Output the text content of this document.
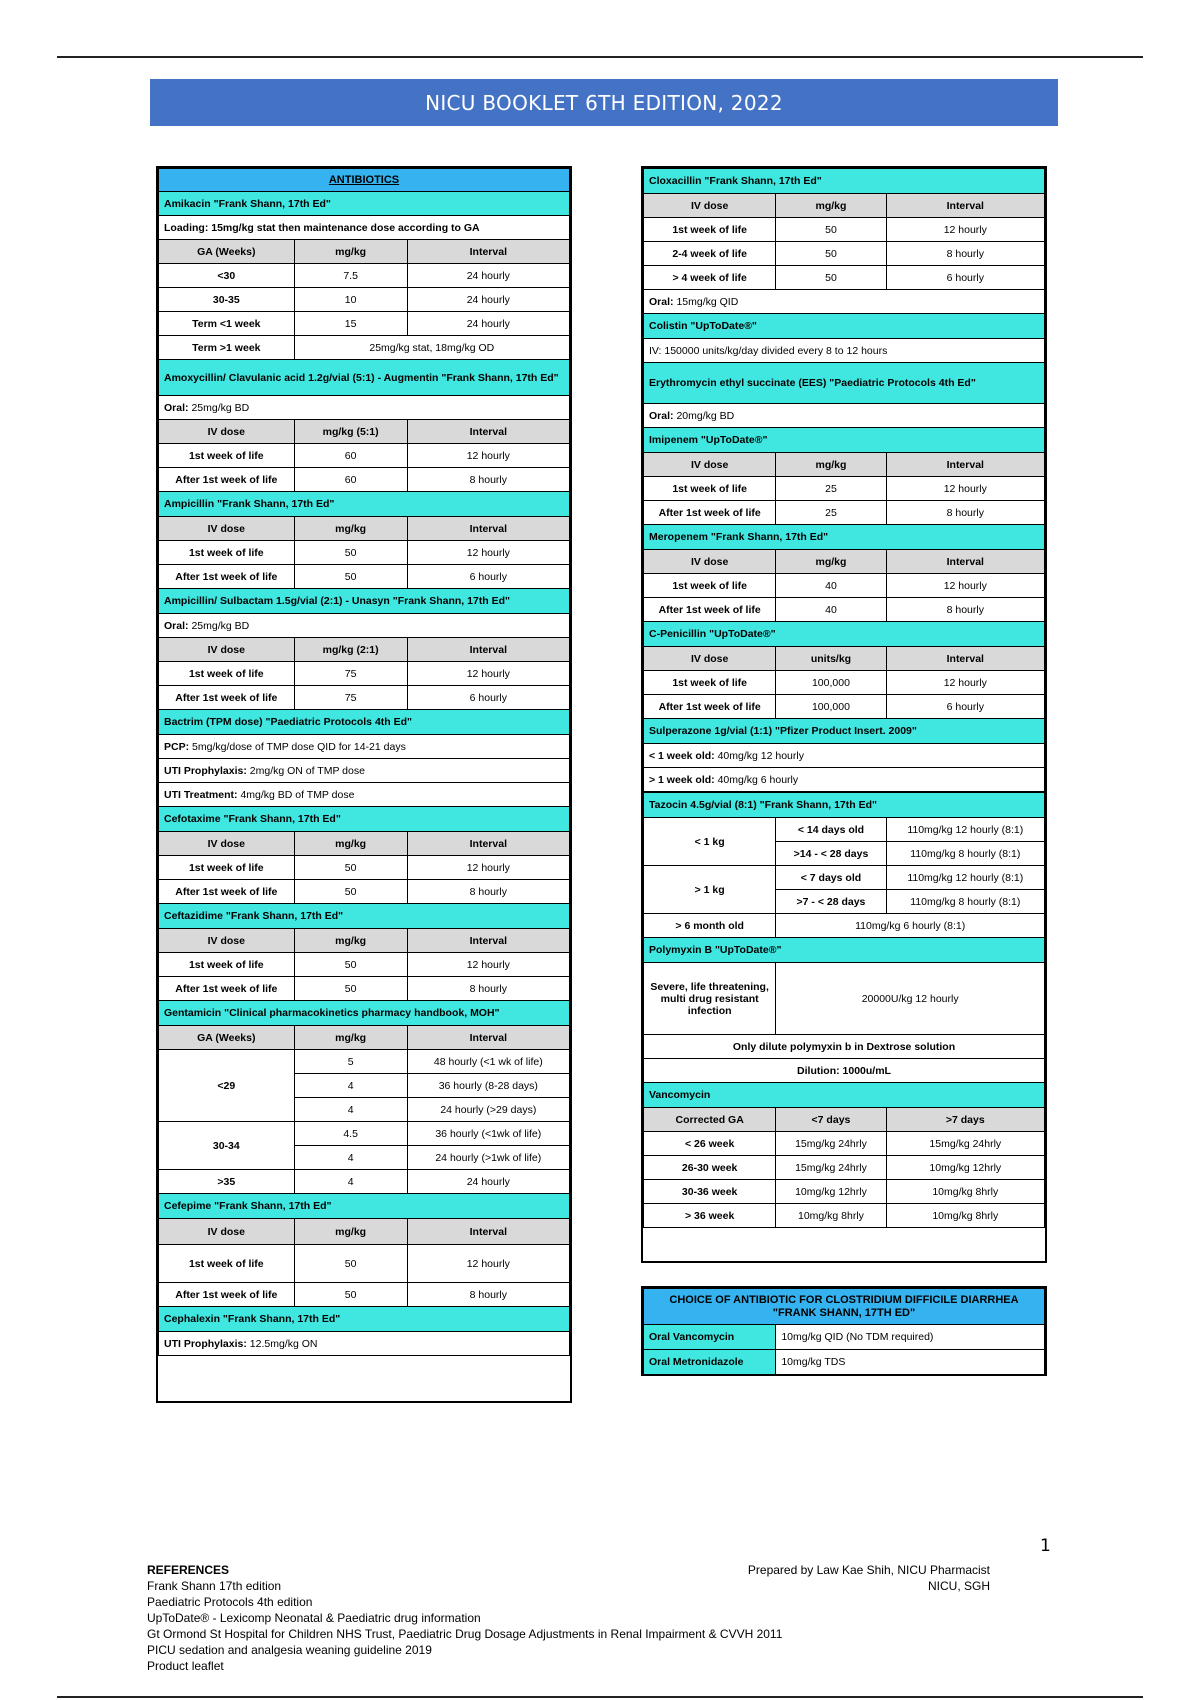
NICU BOOKLET 6TH EDITION, 2022
ANTIBIOTICS		
Amikacin "Frank Shann, 17th Ed"		
Loading: 15mg/kg stat then maintenance dose according to GA		
GA (Weeks)	mg/kg	Interval
<30	7.5	24 hourly
30-35	10	24 hourly
Term <1 week	15	24 hourly
Term >1 week	25mg/kg stat, 18mg/kg OD	
Amoxycillin/ Clavulanic acid 1.2g/vial (5:1) - Augmentin "Frank Shann, 17th Ed"		
Oral: 25mg/kg BD		
IV dose	mg/kg (5:1)	Interval
1st week of life	60	12 hourly
After 1st week of life	60	8 hourly
Ampicillin "Frank Shann, 17th Ed"		
IV dose	mg/kg	Interval
1st week of life	50	12 hourly
After 1st week of life	50	6 hourly
Ampicillin/ Sulbactam 1.5g/vial (2:1) - Unasyn "Frank Shann, 17th Ed"		
Oral: 25mg/kg BD		
IV dose	mg/kg (2:1)	Interval
1st week of life	75	12 hourly
After 1st week of life	75	6 hourly
Bactrim (TPM dose) "Paediatric Protocols 4th Ed"		
PCP: 5mg/kg/dose of TMP dose QID for 14-21 days		
UTI Prophylaxis: 2mg/kg ON of TMP dose		
UTI Treatment: 4mg/kg BD of TMP dose		
Cefotaxime "Frank Shann, 17th Ed"		
IV dose	mg/kg	Interval
1st week of life	50	12 hourly
After 1st week of life	50	8 hourly
Ceftazidime "Frank Shann, 17th Ed"		
IV dose	mg/kg	Interval
1st week of life	50	12 hourly
After 1st week of life	50	8 hourly
Gentamicin "Clinical pharmacokinetics pharmacy handbook, MOH"		
GA (Weeks)	mg/kg	Interval
<29	5	48 hourly (<1 wk of life)
	4	36 hourly (8-28 days)
	4	24 hourly (>29 days)
30-34	4.5	36 hourly (<1wk of life)
	4	24 hourly (>1wk of life)
>35	4	24 hourly
Cefepime "Frank Shann, 17th Ed"		
IV dose	mg/kg	Interval
1st week of life	50	12 hourly
After 1st week of life	50	8 hourly
Cephalexin "Frank Shann, 17th Ed"		
UTI Prophylaxis: 12.5mg/kg ON		
Cloxacillin "Frank Shann, 17th Ed"		
IV dose	mg/kg	Interval
1st week of life	50	12 hourly
2-4 week of life	50	8 hourly
> 4 week of life	50	6 hourly
Oral: 15mg/kg QID		
Colistin "UpToDate®"		
IV: 150000 units/kg/day divided every 8 to 12 hours		
Erythromycin ethyl succinate (EES) "Paediatric Protocols 4th Ed"		
Oral: 20mg/kg BD		
Imipenem "UpToDate®"		
IV dose	mg/kg	Interval
1st week of life	25	12 hourly
After 1st week of life	25	8 hourly
Meropenem "Frank Shann, 17th Ed"		
IV dose	mg/kg	Interval
1st week of life	40	12 hourly
After 1st week of life	40	8 hourly
C-Penicillin "UpToDate®"		
IV dose	units/kg	Interval
1st week of life	100,000	12 hourly
After 1st week of life	100,000	6 hourly
Sulperazone 1g/vial (1:1) "Pfizer Product Insert. 2009"		
< 1 week old: 40mg/kg 12 hourly		
> 1 week old: 40mg/kg 6 hourly		
Tazocin 4.5g/vial (8:1) "Frank Shann, 17th Ed"		
< 1 kg	< 14 days old	110mg/kg 12 hourly (8:1)
	>14 - < 28 days	110mg/kg 8 hourly (8:1)
> 1 kg	< 7 days old	110mg/kg 12 hourly (8:1)
	>7 - < 28 days	110mg/kg 8 hourly (8:1)
> 6 month old	110mg/kg 6 hourly (8:1)	
Polymyxin B "UpToDate®"		
Severe, life threatening, multi drug resistant infection	20000U/kg 12 hourly	
Only dilute polymyxin b in Dextrose solution		
Dilution: 1000u/mL		
Vancomycin		
Corrected GA	<7 days	>7 days
< 26 week	15mg/kg 24hrly	15mg/kg 24hrly
26-30 week	15mg/kg 24hrly	10mg/kg 12hrly
30-36 week	10mg/kg 12hrly	10mg/kg 8hrly
> 36 week	10mg/kg 8hrly	10mg/kg 8hrly
CHOICE OF ANTIBIOTIC FOR CLOSTRIDIUM DIFFICILE DIARRHEA "FRANK SHANN, 17TH ED"	
Oral Vancomycin	10mg/kg QID (No TDM required)
Oral Metronidazole	10mg/kg TDS
1
REFERENCES
Frank Shann 17th edition
Paediatric Protocols 4th edition
UpToDate® - Lexicomp Neonatal & Paediatric drug information
Gt Ormond St Hospital for Children NHS Trust, Paediatric Drug Dosage Adjustments in Renal Impairment & CVVH 2011
PICU sedation and analgesia weaning guideline 2019
Product leaflet
Prepared by Law Kae Shih, NICU Pharmacist
NICU, SGH
